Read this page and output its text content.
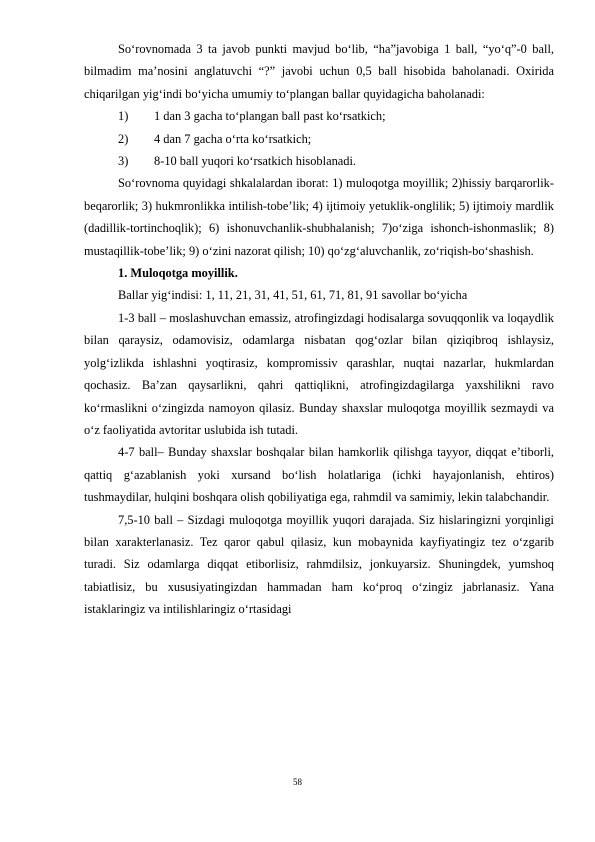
So‘rovnomada 3 ta javob punkti mavjud bo‘lib, “ha”javobiga 1 ball, “yo‘q”-0 ball, bilmadim ma’nosini anglatuvchi “?” javobi uchun 0,5 ball hisobida baholanadi. Oxirida chiqarilgan yig‘indi bo‘yicha umumiy to‘plangan ballar quyidagicha baholanadi:

1)	1 dan 3 gacha to‘plangan ball past ko‘rsatkich;
2)	4 dan 7 gacha o‘rta ko‘rsatkich;
3)	8-10 ball yuqori ko‘rsatkich hisoblanadi.

So‘rovnoma quyidagi shkalalardan iborat: 1) muloqotga moyillik; 2)hissiy barqarorlik-beqarorlik; 3) hukmronlikka intilish-tobe’lik; 4) ijtimoiy yetuklik-onglilik; 5) ijtimoiy mardlik (dadillik-tortinchoqlik); 6) ishonuvchanlik-shubhalanish; 7)o‘ziga ishonch-ishonmaslik; 8) mustaqillik-tobe’lik; 9) o‘zini nazorat qilish; 10) qo‘zg‘aluvchanlik, zo‘riqish-bo‘shashish.

1. Muloqotga moyillik.

Ballar yig‘indisi: 1, 11, 21, 31, 41, 51, 61, 71, 81, 91 savollar bo‘yicha

1-3 ball – moslashuvchan emassiz, atrofingizdagi hodisalarga sovuqqonlik va loqaydlik bilan qaraysiz, odamovisiz, odamlarga nisbatan qog‘ozlar bilan qiziqibroq ishlaysiz, yolg‘izlikda ishlashni yoqtirasiz, kompromissiv qarashlar, nuqtai nazarlar, hukmlardan qochasiz. Ba’zan qaysarlikni, qahri qattiqlikni, atrofingizdagilarga yaxshilikni ravo ko‘rmaslikni o‘zingizda namoyon qilasiz. Bunday shaxslar muloqotga moyillik sezmaydi va o‘z faoliyatida avtoritar uslubida ish tutadi.

4-7 ball– Bunday shaxslar boshqalar bilan hamkorlik qilishga tayyor, diqqat e’tiborli, qattiq g‘azablanish yoki xursand bo‘lish holatlariga (ichki hayajonlanish, ehtiros) tushmaydilar, hulqini boshqara olish qobiliyatiga ega, rahmdil va samimiy, lekin talabchandir.

7,5-10 ball – Sizdagi muloqotga moyillik yuqori darajada. Siz hislaringizni yorqinligi bilan xarakterlanasiz. Tez qaror qabul qilasiz, kun mobaynida kayfiyatingiz tez o‘zgarib turadi. Siz odamlarga diqqat etiborlisiz, rahmdilsiz, jonkuyarsiz. Shuningdek, yumshoq tabiatlisiz, bu xususiyatingizdan hammadan ham ko‘proq o‘zingiz jabrlanasiz. Yana istaklaringiz va intilishlaringiz o‘rtasidagi

58
